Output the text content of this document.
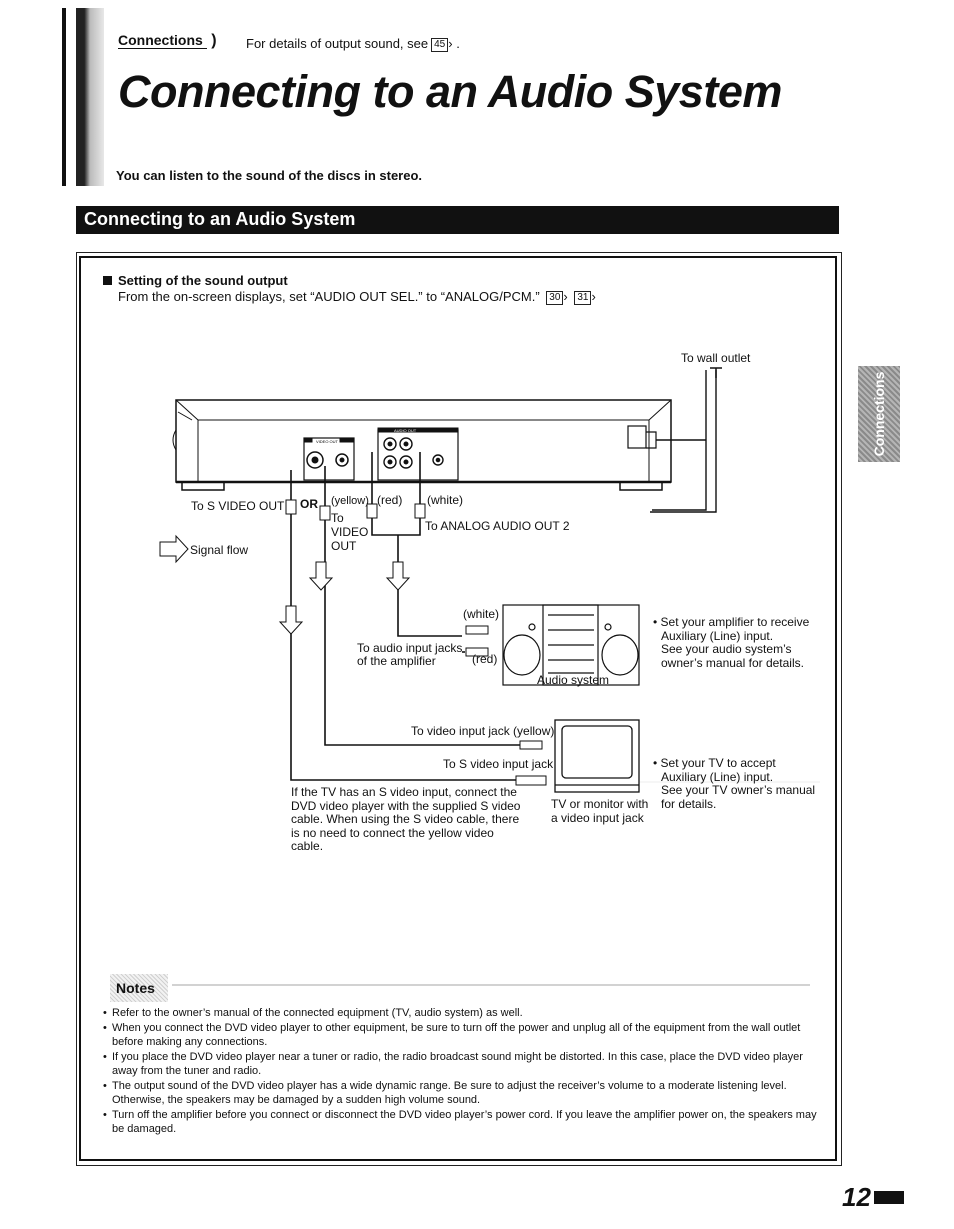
Connections ) For details of output sound, see 45 › .
Connecting to an Audio System
You can listen to the sound of the discs in stereo.
Connecting to an Audio System
Connections
Setting of the sound output
From the on-screen displays, set “AUDIO OUT SEL.” to “ANALOG/PCM.” 30 › 31 ›
VIDEO OUT
AUDIO OUT
To wall outlet
To S VIDEO OUT OR (yellow) (red) (white)
To
VIDEO
OUT
To ANALOG AUDIO OUT 2
Signal flow
(white)
(red)
To audio input jacks
of the amplifier
Audio system
• Set your amplifier to receive
Auxiliary (Line) input.
See your audio system’s
owner’s manual for details.
To video input jack (yellow)
To S video input jack
If the TV has an S video input, connect the
DVD video player with the supplied S video
cable. When using the S video cable, there
is no need to connect the yellow video
cable.
TV or monitor with
a video input jack
• Set your TV to accept
Auxiliary (Line) input.
See your TV owner’s manual
for details.
Notes
• Refer to the owner’s manual of the connected equipment (TV, audio system) as well.
• When you connect the DVD video player to other equipment, be sure to turn off the power and unplug all of the equipment from the wall outlet before making any connections.
• If you place the DVD video player near a tuner or radio, the radio broadcast sound might be distorted. In this case, place the DVD video player away from the tuner and radio.
• The output sound of the DVD video player has a wide dynamic range. Be sure to adjust the receiver’s volume to a moderate listening level. Otherwise, the speakers may be damaged by a sudden high volume sound.
• Turn off the amplifier before you connect or disconnect the DVD video player’s power cord. If you leave the amplifier power on, the speakers may be damaged.
12
